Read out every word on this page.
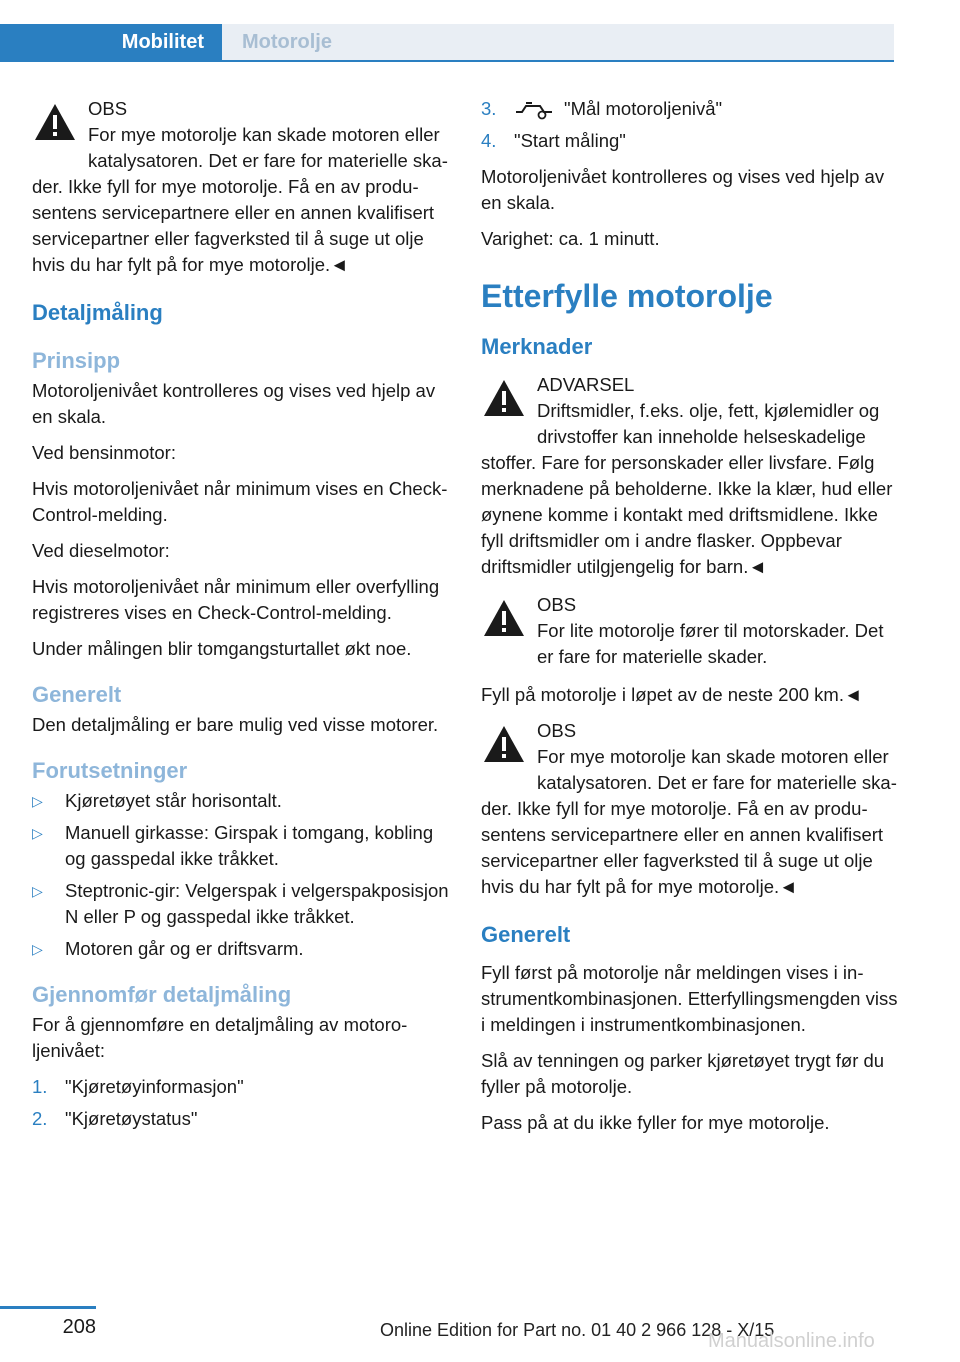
Mobilitet	Motorolje
OBS
For mye motorolje kan skade motoren eller katalysatoren. Det er fare for materielle skader. Ikke fyll for mye motorolje. Få en av produsentens servicepartnere eller en annen kvalifisert servicepartner eller fagverksted til å suge ut olje hvis du har fylt på for mye motorolje.◄
Detaljmåling
Prinsipp

Motoroljenivået kontrolleres og vises ved hjelp av en skala.

Ved bensinmotor:

Hvis motoroljenivået når minimum vises en Check-Control-melding.

Ved dieselmotor:

Hvis motoroljenivået når minimum eller overfylling registreres vises en Check-Control-melding.

Under målingen blir tomgangsturtallet økt noe.

Generelt

Den detaljmåling er bare mulig ved visse motorer.

Forutsetninger
▷ Kjøretøyet står horisontalt.
▷ Manuell girkasse: Girspak i tomgang, kobling og gasspedal ikke tråkket.
▷ Steptronic-gir: Velgerspak i velgerspakposisjon N eller P og gasspedal ikke tråkket.
▷ Motoren går og er driftsvarm.
Gjennomfør detaljmåling

For å gjennomføre en detaljmåling av motoroljenivået:

1. "Kjøretøyinformasjon"
2. "Kjøretøystatus"
3.	"Mål motoroljenivå"
4. "Start måling"

Motoroljenivået kontrolleres og vises ved hjelp av en skala.

Varighet: ca. 1 minutt.

Etterfylle motorolje
Merknader
ADVARSEL
Driftsmidler, f.eks. olje, fett, kjølemidler og drivstoffer kan inneholde helseskadelige stoffer. Fare for personskader eller livsfare. Følg merknadene på beholderne. Ikke la klær, hud eller øynene komme i kontakt med driftsmidlene. Ikke fyll driftsmidler om i andre flasker. Oppbevar driftsmidler utilgjengelig for barn.◄
OBS
For lite motorolje fører til motorskader. Det er fare for materielle skader.

Fyll på motorolje i løpet av de neste 200 km.◄

OBS
For mye motorolje kan skade motoren eller katalysatoren. Det er fare for materielle skader. Ikke fyll for mye motorolje. Få en av produsentens servicepartnere eller en annen kvalifisert servicepartner eller fagverksted til å suge ut olje hvis du har fylt på for mye motorolje.◄
Generelt

Fyll først på motorolje når meldingen vises i instrumentkombinasjonen. Etterfyllingsmengden viss i meldingen i instrumentkombinasjonen.

Slå av tenningen og parker kjøretøyet trygt før du fyller på motorolje.

Pass på at du ikke fyller for mye motorolje.

208	Online Edition for Part no. 01 40 2 966 128 - X/15
Manualsonline.info
